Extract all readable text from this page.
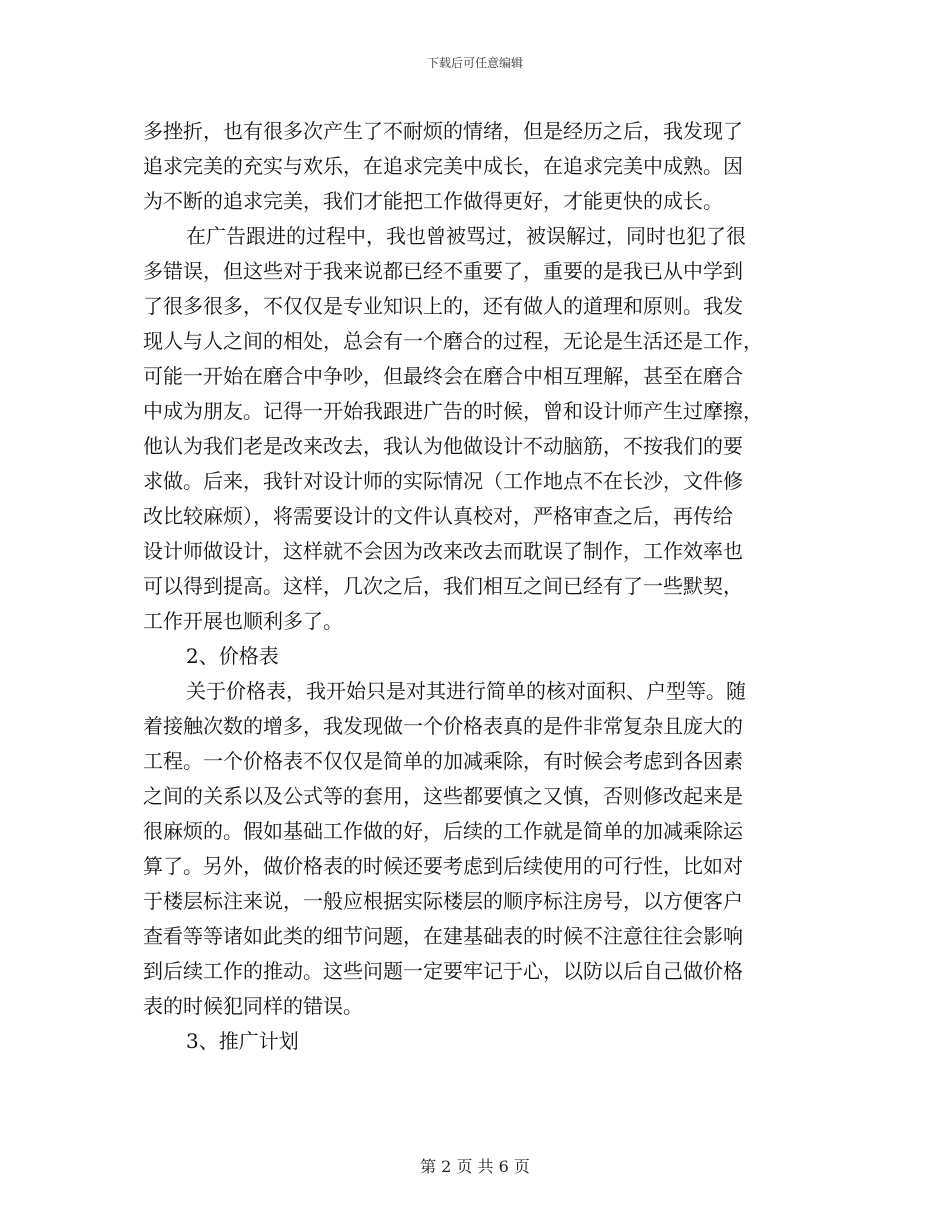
下载后可任意编辑

多挫折，也有很多次产生了不耐烦的情绪，但是经历之后，我发现了

追求完美的充实与欢乐，在追求完美中成长，在追求完美中成熟。因

为不断的追求完美，我们才能把工作做得更好，才能更快的成长。

在广告跟进的过程中，我也曾被骂过，被误解过，同时也犯了很

多错误，但这些对于我来说都已经不重要了，重要的是我已从中学到

了很多很多，不仅仅是专业知识上的，还有做人的道理和原则。我发

现人与人之间的相处，总会有一个磨合的过程，无论是生活还是工作，

可能一开始在磨合中争吵，但最终会在磨合中相互理解，甚至在磨合

中成为朋友。记得一开始我跟进广告的时候，曾和设计师产生过摩擦，

他认为我们老是改来改去，我认为他做设计不动脑筋，不按我们的要

求做。后来，我针对设计师的实际情况（工作地点不在长沙，文件修

改比较麻烦），将需要设计的文件认真校对，严格审查之后，再传给

设计师做设计，这样就不会因为改来改去而耽误了制作，工作效率也

可以得到提高。这样，几次之后，我们相互之间已经有了一些默契，

工作开展也顺利多了。

2、价格表

关于价格表，我开始只是对其进行简单的核对面积、户型等。随

着接触次数的增多，我发现做一个价格表真的是件非常复杂且庞大的

工程。一个价格表不仅仅是简单的加减乘除，有时候会考虑到各因素

之间的关系以及公式等的套用，这些都要慎之又慎，否则修改起来是

很麻烦的。假如基础工作做的好，后续的工作就是简单的加减乘除运

算了。另外，做价格表的时候还要考虑到后续使用的可行性，比如对

于楼层标注来说，一般应根据实际楼层的顺序标注房号，以方便客户

查看等等诸如此类的细节问题，在建基础表的时候不注意往往会影响

到后续工作的推动。这些问题一定要牢记于心，以防以后自己做价格

表的时候犯同样的错误。

3、推广计划

第 2 页 共 6 页
